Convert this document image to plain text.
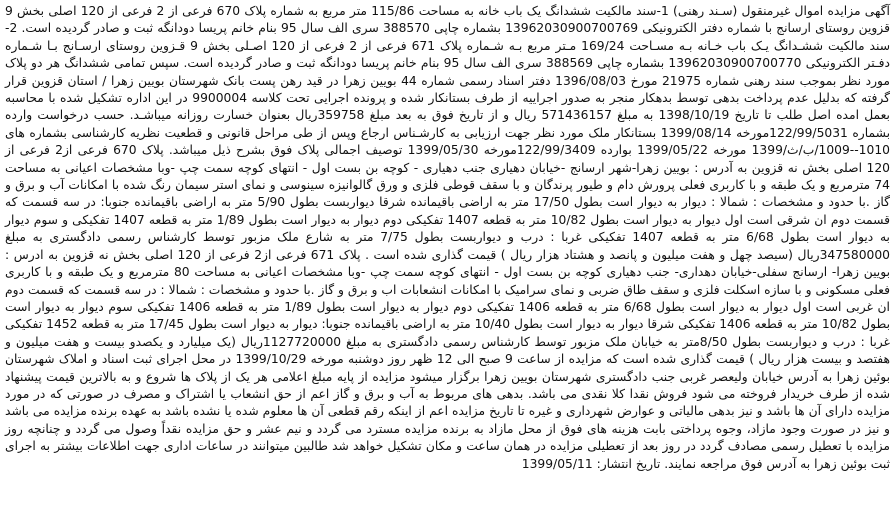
آگهی مزایده اموال غیرمنقول (سـند رهنی) 1-سند مالکیت ششدانگ یک باب خانه به مساحت 115/86 متر مربع به شماره پلاک 670 فرعی از 2 فرعی از 120 اصلی بخش 9 قزوین روستای ارسانج با شماره دفتر الکترونیکی 13962030900700769 بشماره چاپی 388570 سری الف سال 95 بنام خانم پریسا دودانگه ثبت و صادر گردیده است. 2- سند مالکیت ششـدانگ یـک باب خـانه بـه مسـاحت 169/24 مـتر مربع بـه شـماره پلاک 671 فرعی از 2 فرعی از 120 اصـلی بخش 9 قـزوین روستای ارسـانج بـا شـماره دفـتر الکترونیکی 13962030900700770 بشماره چاپی 388569 سری الف سال 95 بنام خانم پریسا دودانگه ثبت و صادر گردیده است. سپس تمامی ششدانگ هر دو پلاک مورد نظر بموجب سند رهنی شماره 21975 مورخ 1396/08/03 دفتر اسناد رسمی شماره 44 بویین زهرا در قید رهن پست بانک شهرستان بویین زهرا / استان قزوین قرار گرفته که بدلیل عدم پرداخت بدهی توسط بدهکار منجر به صدور اجراییه از طرف بستانکار شده و پرونده اجرایی تحت کلاسه 9900004 در این اداره تشکیل شده با محاسبه بعمل امده اصل طلب تا تاریخ 1398/10/19 به مبلغ 571436157 ریال و از تاریخ فوق به بعد مبلغ 359758ریال بعنوان خسارت روزانه میباشـد. حسب درخواست وارده بشماره 122/99/5031مورخه 1399/08/14 بستانکار ملک مورد نظر جهت ارزیابی به کارشـناس ارجاع وپس از طی مراحل قانونی و قطعیت نظریه کارشناسی بشماره های 1010--1009/ب/ث/1399 مورخه 1399/05/22 بوارده 122/99/3409مورخه 1399/05/30 توصیف اجمالی پلاک فوق بشرح ذیل میباشد. پلاک 670 فرعی از2 فرعی از 120 اصلی بخش نه قزوین به آدرس : بویین زهرا-شهر ارسانج -خیابان دهیاری جنب دهیاری - کوچه بن بست اول - انتهای کوچه سمت چپ -وبا مشخصات اعیانی به مساحت 74 مترمربع و یک طبقه و با کاربری فعلی پرورش دام و طیور پرندگان و با سقف قوطی فلزی و ورق گالوانیزه سینوسی و نمای استر سیمان رنگ شده با امکانات آب و برق و گاز .با حدود و مشخصات : شمالا : دیوار به دیوار است بطول 17/50 متر به اراضی باقیمانده شرقا دیواربست بطول 5/90 متر به اراضی باقیمانده جنوبا: در سه قسمت که قسمت دوم ان شرقی است اول دیوار به دیوار است بطول 10/82 متر به قطعه 1407 تفکیکی دوم دیوار به دیوار است بطول 1/89 متر به قطعه 1407 تفکیکی و سوم دیوار به دیوار است بطول 6/68 متر به قطعه 1407 تفکیکی غربا : درب و دیواربست بطول 7/75 متر به شارع ملک مزبور توسط کارشناس رسمی دادگستری به مبلغ 347580000ریال (سیصد چهل و هفت میلیون و پانصد و هشتاد هزار ریال ) قیمت گذاری شده است . پلاک 671 فرعی از2 فرعی از 120 اصلی بخش نه قزوین به ادرس : بویین زهرا- ارسانج سفلی-خیابان دهداری- جنب دهیاری کوچه بن بست اول - انتهای کوچه سمت چپ -وبا مشخصات اعیانی به مساحت 80 مترمربع و یک طبقه و با کاربری فعلی مسکونی و با سازه اسکلت فلزی و سقف طاق ضربی و نمای سرامیک با امکانات انشعابات اب و برق و گاز .با حدود و مشخصات : شمالا : در سه قسمت که قسمت دوم ان غربی است اول دیوار به دیوار است بطول 6/68 متر به قطعه 1406 تفکیکی دوم دیوار به دیوار است بطول 1/89 متر به قطعه 1406 تفکیکی سوم دیوار به دیوار است بطول 10/82 متر به قطعه 1406 تفکیکی شرقا دیوار به دیوار است بطول 10/40 متر به اراضی باقیمانده جنوبا: دیوار به دیوار است بطول 17/45 متر به قطعه 1452 تفکیکی غربا : درب و دیواربست بطول 8/50متر به خیابان ملک مزبور توسط کارشناس رسمی دادگستری به مبلغ 1127720000ریال (یک میلیارد و یکصدو بیست و هفت میلیون و هفتصد و بیست هزار ریال ) قیمت گذاری شده است که مزایده از ساعت 9 صبح الی 12 ظهر روز دوشنبه مورخه 1399/10/29 در محل اجرای ثبت اسناد و املاک شهرستان بوئین زهرا به آدرس خیابان ولیعصر غربی جنب دادگستری شهرستان بویین زهرا برگزار میشود مزایده از پایه مبلغ اعلامی هر یک از پلاک ها شروع و به بالاترین قیمت پیشنهاد شده از طرف خریدار فروخته می شود فروش نقدا کلا نقدی می باشد. بدهی های مربوط به آب و برق و گاز اعم از حق انشعاب یا اشتراک و مصرف در صورتی که در مورد مزایده دارای آن ها باشد و نیز بدهی مالیاتی و عوارض شهرداری و غیره تا تاریخ مزایده اعم از اینکه رقم قطعی آن ها معلوم شده یا نشده باشد به عهده برنده مزایده می باشد و نیز در صورت وجود مازاد، وجوه پرداختی بابت هزینه های فوق از محل مازاد به برنده مزایده مسترد می گردد و نیم عشر و حق مزایده نقداً وصول می گردد و چنانچه روز مزایده با تعطیل رسمی مصادف گردد در روز بعد از تعطیلی مزایده در همان ساعت و مکان تشکیل خواهد شد طالبین میتوانند در ساعات اداری جهت اطلاعات بیشتر به اجرای ثبت بوئین زهرا به آدرس فوق مراجعه نمایند. تاریخ انتشار: 1399/05/11
